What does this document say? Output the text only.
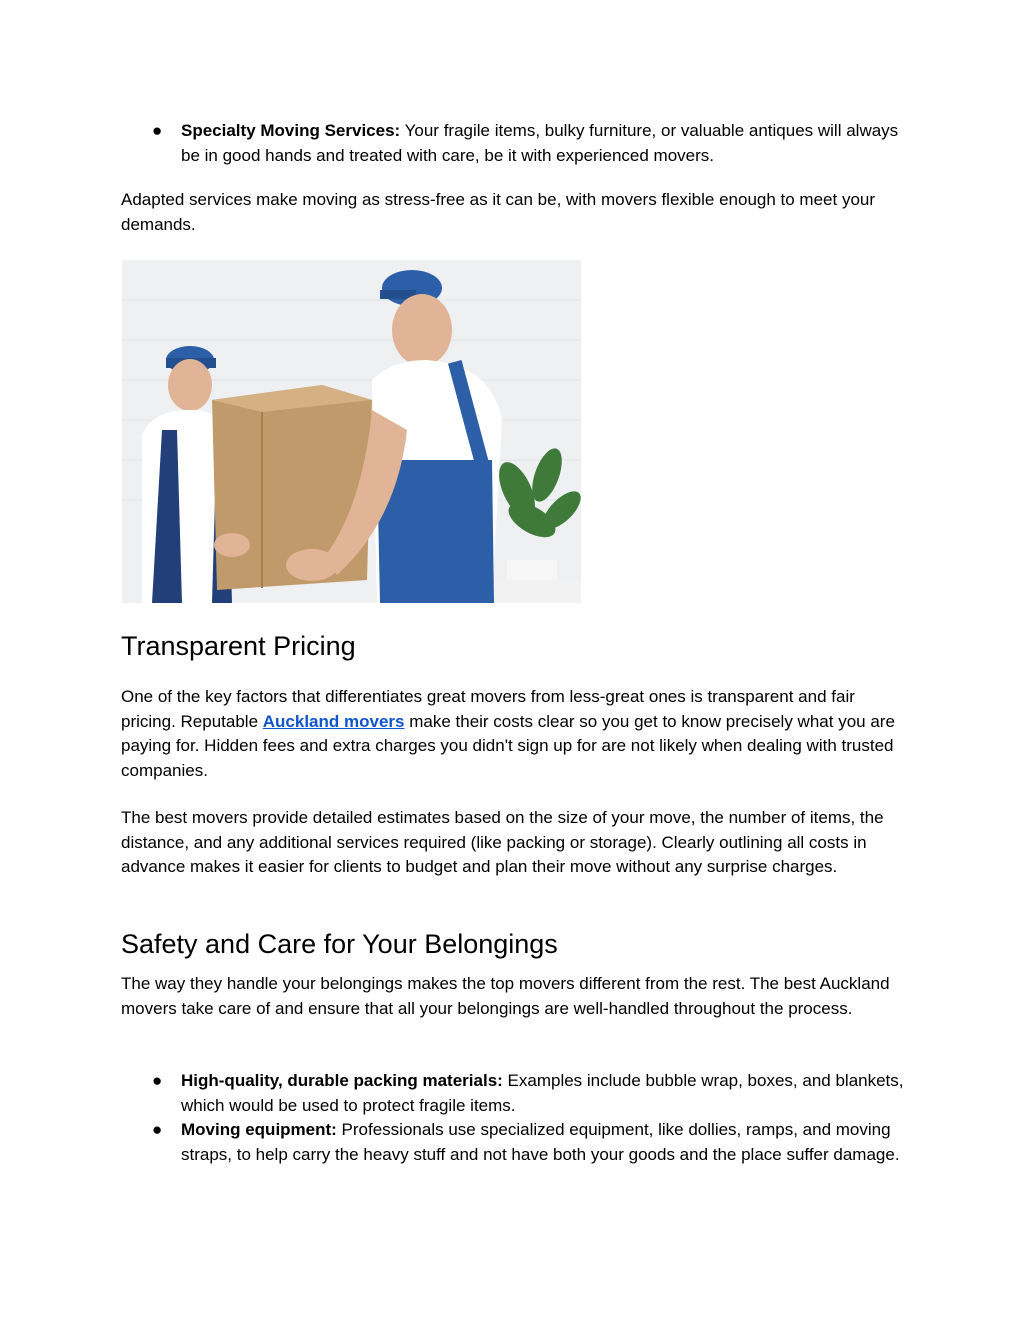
● Specialty Moving Services: Your fragile items, bulky furniture, or valuable antiques will always be in good hands and treated with care, be it with experienced movers.

Adapted services make moving as stress-free as it can be, with movers flexible enough to meet your demands.

Transparent Pricing

One of the key factors that differentiates great movers from less-great ones is transparent and fair pricing. Reputable Auckland movers make their costs clear so you get to know precisely what you are paying for. Hidden fees and extra charges you didn't sign up for are not likely when dealing with trusted companies.

The best movers provide detailed estimates based on the size of your move, the number of items, the distance, and any additional services required (like packing or storage). Clearly outlining all costs in advance makes it easier for clients to budget and plan their move without any surprise charges.

Safety and Care for Your Belongings

The way they handle your belongings makes the top movers different from the rest. The best Auckland movers take care of and ensure that all your belongings are well-handled throughout the process.

● High-quality, durable packing materials: Examples include bubble wrap, boxes, and blankets, which would be used to protect fragile items.
● Moving equipment: Professionals use specialized equipment, like dollies, ramps, and moving straps, to help carry the heavy stuff and not have both your goods and the place suffer damage.
